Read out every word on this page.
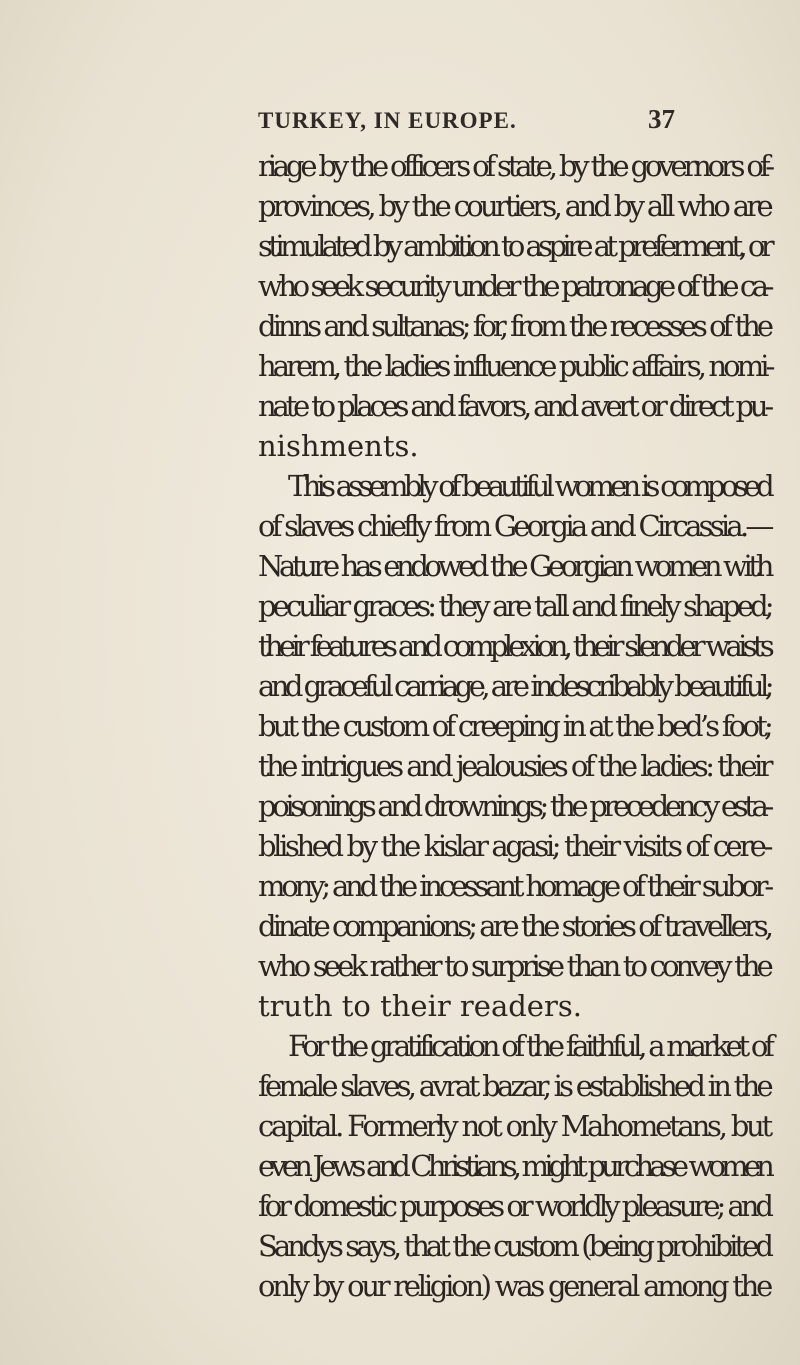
TURKEY, IN EUROPE.	37
riage by the officers of state, by the governors of-
provinces, by the courtiers, and by all who are
stimulated by ambition to aspire at preferment, or
who seek security under the patronage of the ca-
dinns and sultanas; for, from the recesses of the
harem, the ladies influence public affairs, nomi-
nate to places and favors, and avert or direct pu-
nishments.
This assembly of beautiful women is composed
of slaves chiefly from Georgia and Circassia.—
Nature has endowed the Georgian women with
peculiar graces: they are tall and finely shaped;
their features and complexion, their slender waists
and graceful carriage, are indescribably beautiful;
but the custom of creeping in at the bed’s foot;
the intrigues and jealousies of the ladies: their
poisonings and drownings; the precedency esta-
blished by the kislar agasi; their visits of cere-
mony; and the incessant homage of their subor-
dinate companions; are the stories of travellers,
who seek rather to surprise than to convey the
truth to their readers.
For the gratification of the faithful, a market of
female slaves, avrat bazar, is established in the
capital. Formerly not only Mahometans, but
even Jews and Christians, might purchase women
for domestic purposes or worldly pleasure; and
Sandys says, that the custom (being prohibited
only by our religion) was general among the
